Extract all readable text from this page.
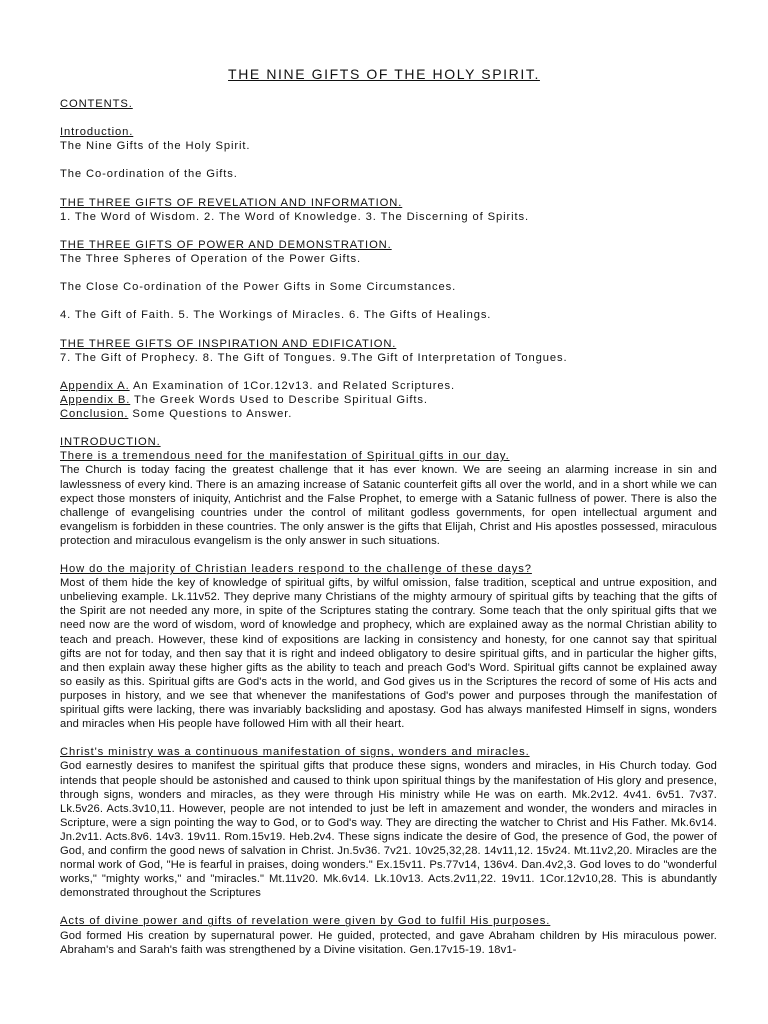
THE NINE GIFTS OF THE HOLY SPIRIT.
CONTENTS.
Introduction.
The Nine Gifts of the Holy Spirit.
The Co-ordination of the Gifts.
THE THREE GIFTS OF REVELATION AND INFORMATION.
1. The Word of Wisdom. 2. The Word of Knowledge. 3. The Discerning of Spirits.
THE THREE GIFTS OF POWER AND DEMONSTRATION.
The Three Spheres of Operation of the Power Gifts.
The Close Co-ordination of the Power Gifts in Some Circumstances.
4. The Gift of Faith. 5. The Workings of Miracles. 6. The Gifts of Healings.
THE THREE GIFTS OF INSPIRATION AND EDIFICATION.
7. The Gift of Prophecy. 8. The Gift of Tongues. 9.The Gift of Interpretation of Tongues.
Appendix A. An Examination of 1Cor.12v13. and Related Scriptures.
Appendix B. The Greek Words Used to Describe Spiritual Gifts.
Conclusion. Some Questions to Answer.
INTRODUCTION.
There is a tremendous need for the manifestation of Spiritual gifts in our day.
The Church is today facing the greatest challenge that it has ever known. We are seeing an alarming increase in sin and lawlessness of every kind. There is an amazing increase of Satanic counterfeit gifts all over the world, and in a short while we can expect those monsters of iniquity, Antichrist and the False Prophet, to emerge with a Satanic fullness of power. There is also the challenge of evangelising countries under the control of militant godless governments, for open intellectual argument and evangelism is forbidden in these countries. The only answer is the gifts that Elijah, Christ and His apostles possessed, miraculous protection and miraculous evangelism is the only answer in such situations.
How do the majority of Christian leaders respond to the challenge of these days?
Most of them hide the key of knowledge of spiritual gifts, by wilful omission, false tradition, sceptical and untrue exposition, and unbelieving example. Lk.11v52. They deprive many Christians of the mighty armoury of spiritual gifts by teaching that the gifts of the Spirit are not needed any more, in spite of the Scriptures stating the contrary. Some teach that the only spiritual gifts that we need now are the word of wisdom, word of knowledge and prophecy, which are explained away as the normal Christian ability to teach and preach. However, these kind of expositions are lacking in consistency and honesty, for one cannot say that spiritual gifts are not for today, and then say that it is right and indeed obligatory to desire spiritual gifts, and in particular the higher gifts, and then explain away these higher gifts as the ability to teach and preach God's Word. Spiritual gifts cannot be explained away so easily as this. Spiritual gifts are God's acts in the world, and God gives us in the Scriptures the record of some of His acts and purposes in history, and we see that whenever the manifestations of God's power and purposes through the manifestation of spiritual gifts were lacking, there was invariably backsliding and apostasy. God has always manifested Himself in signs, wonders and miracles when His people have followed Him with all their heart.
Christ's ministry was a continuous manifestation of signs, wonders and miracles.
God earnestly desires to manifest the spiritual gifts that produce these signs, wonders and miracles, in His Church today. God intends that people should be astonished and caused to think upon spiritual things by the manifestation of His glory and presence, through signs, wonders and miracles, as they were through His ministry while He was on earth. Mk.2v12. 4v41. 6v51. 7v37. Lk.5v26. Acts.3v10,11. However, people are not intended to just be left in amazement and wonder, the wonders and miracles in Scripture, were a sign pointing the way to God, or to God's way. They are directing the watcher to Christ and His Father. Mk.6v14. Jn.2v11. Acts.8v6. 14v3. 19v11. Rom.15v19. Heb.2v4. These signs indicate the desire of God, the presence of God, the power of God, and confirm the good news of salvation in Christ. Jn.5v36. 7v21. 10v25,32,28. 14v11,12. 15v24. Mt.11v2,20. Miracles are the normal work of God, "He is fearful in praises, doing wonders." Ex.15v11. Ps.77v14, 136v4. Dan.4v2,3. God loves to do "wonderful works," "mighty works," and "miracles." Mt.11v20. Mk.6v14. Lk.10v13. Acts.2v11,22. 19v11. 1Cor.12v10,28. This is abundantly demonstrated throughout the Scriptures
Acts of divine power and gifts of revelation were given by God to fulfil His purposes.
God formed His creation by supernatural power. He guided, protected, and gave Abraham children by His miraculous power. Abraham's and Sarah's faith was strengthened by a Divine visitation. Gen.17v15-19. 18v1-
